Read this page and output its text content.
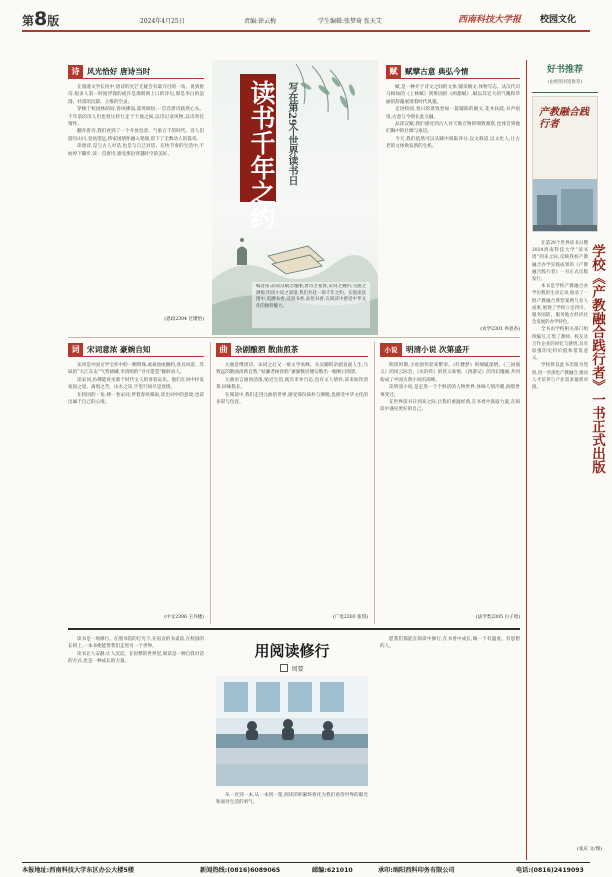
第8版	2024年4月25日	责编:徐云梅	学生编辑:张梦琦 张天艾	西南科技大学报 校园文化
诗 风光恰好 唐诗当时

在漫漫文学长河中,唐诗的光芒无疑会有最夺目的一角。说到唐诗,很多人第一时间浮现的或许是那朗朗上口的诗句,那是李白的浪漫、杜甫的沉郁、王维的空灵。

穿梭于校园林荫间,春风拂面,落英缤纷,一首首唐诗跃然心头。千年前的诗人们也曾这样行走于天地之间,以诗记录风物,以诗寄托情怀。

翻开唐诗,我们看到了一个开放包容、气象万千的时代。诗人们游历山川,登高望远,将家国情怀融入笔端,留下了无数动人的篇章。

读唐诗,是与古人对话,也是与自己对话。在快节奏的生活中,不妨停下脚步,读一首唐诗,感受那份穿越时空的美好。

(恩政2304 过瑾怡)
读书千年之约	写在第29个世界读书日
编者按:品读汉赋之瑰丽,唐诗之豪放,宋词之婉约,元曲之洒脱,明清小说之深邃,我们共赴一场千年之约。在悦读氛围中,追溯书香,浸润书香,品悟书香,在阅读中感受中华文化的独特魅力。
赋 赋擘古意 典弘今情

赋,是一种介于诗文之间的文体,铺采摛文,体物写志。从汉代司马相如的《上林赋》到班固的《两都赋》,赋以其宏大的气魄和华丽的辞藻展现着时代风貌。

走进校园,春日的景致恰如一篇铺陈的赋文,花木扶疏,书声琅琅,古意与今情在此交融。

品读汉赋,我们感受到古人对天地万物的细致观察,也体会到他们胸中的壮阔与豪迈。

今天,我们依然可以从赋中汲取养分,以文载道,以文化人,让古老的文体焕发新的生机。

(农学2301 冉思杏)
词 宋词意浓 豪婉自知

宋词是中国文学宝库中的一颗明珠,或豪放或婉约,各具风姿。苏轼的“大江东去”气势磅礴,李清照的“寻寻觅觅”婉转动人。

读宋词,仿佛能看见那个时代文人的喜怒哀乐。他们在词中抒发家国之思、离别之苦、山水之乐,字里行间尽是真情。

在校园的一角,捧一卷宋词,伴着春风细雨,读出词中的意境,也读出属于自己的心境。

(中文2306 王丹楼)
曲 杂剧酿酒 散曲煎茶

元曲是继唐诗、宋词之后又一座文学高峰。关汉卿的杂剧直面人生,马致远的散曲清新自然,“枯藤老树昏鸦”寥寥数语便勾勒出一幅秋日图景。

元曲语言通俗活泼,贴近生活,既有市井百态,也有文人情怀,读来如饮清茶,回味悠长。

在阅读中,我们走进元曲的世界,感受那份质朴与洒脱,也感受中华文化的多彩与包容。

(广电2303 张琪)
小说	明清小说 次第盛开

明清时期,小说创作迎来繁荣。《红楼梦》的细腻深情、《三国演义》的风云际会、《水浒传》的侠义豪情、《西游记》的奇幻瑰丽,共同构成了中国古典小说的高峰。

读明清小说,是走进一个个鲜活的人物世界,体味人情冷暖,洞察世事变迁。

在世界读书日到来之际,让我们重温经典,在书香中汲取力量,在阅读中遇见更好的自己。

(法学类2305 白子琦)

读书是一场修行。在图书馆的灯光下,在宿舍的书桌前,在校园的长椅上,一本书便能带我们走进另一个世界。

读书让人安静,让人沉淀。在纷繁的世界里,阅读是一种自我对话的方式,也是一种成长的力量。

用阅读修行
周要

从一页到一本,从一本到一架,阅读的积累终将化为我们看待世界的眼光和面对生活的勇气。

愿我们都能在阅读中修行,在书香中成长,做一个有温度、有思想的人。

好书推荐
(由校图书馆推荐)
产教融合践行者

在第29个世界读书日暨2024西南科技大学“读书周”到来之际,反映我校产教融合办学实践成果的《产教融合践行者》一书正式出版发行。

本书是学校产教融合办学历程的生动记录,收录了一批产教融合典型案例与育人成果,展现了学校立足四川、服务国防、服务地方经济社会发展的办学特色。

全书由学校相关部门组织编写,汇集了教师、校友及合作企业的回忆与感悟,具有较强的史料价值和借鉴意义。

学校将以此书出版为契机,进一步深化产教融合,推动人才培养与产业需求紧密对接。	学校《产教融合践行者》一书正式出版
(张庆 文/图)
本报地址:西南科技大学东区办公大楼5楼	新闻热线:(0816)6089065	邮编:621010	承印:绵阳西科印务有限公司	电话:(0816)2419093
